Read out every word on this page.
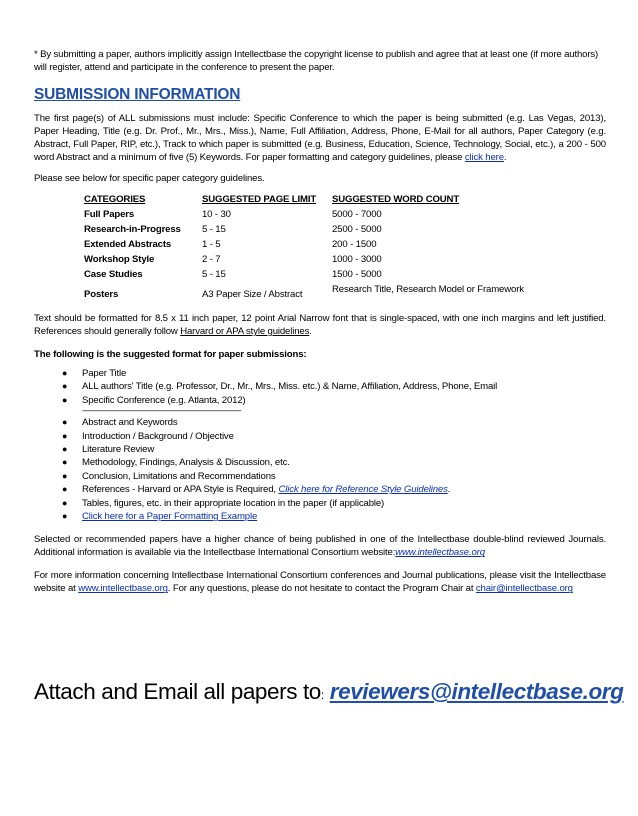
* By submitting a paper, authors implicitly assign Intellectbase the copyright license to publish and agree that at least one (if more authors) will register, attend and participate in the conference to present the paper.

SUBMISSION INFORMATION

The first page(s) of ALL submissions must include: Specific Conference to which the paper is being submitted (e.g. Las Vegas, 2013), Paper Heading, Title (e.g. Dr. Prof., Mr., Mrs., Miss.), Name, Full Affiliation, Address, Phone, E-Mail for all authors, Paper Category (e.g. Abstract, Full Paper, RIP, etc.), Track to which paper is submitted (e.g. Business, Education, Science, Technology, Social, etc.), a 200 - 500 word Abstract and a minimum of five (5) Keywords. For paper formatting and category guidelines, please click here.

Please see below for specific paper category guidelines.

CATEGORIES	SUGGESTED PAGE LIMIT	SUGGESTED WORD COUNT
Full Papers	10 - 30	5000 - 7000
Research-in-Progress	5 - 15	2500 - 5000
Extended Abstracts	1 - 5	200 - 1500
Workshop Style	2 - 7	1000 - 3000
Case Studies	5 - 15	1500 - 5000
Posters	A3 Paper Size / Abstract	Research Title, Research Model or Framework

Text should be formatted for 8.5 x 11 inch paper, 12 point Arial Narrow font that is single-spaced, with one inch margins and left justified. References should generally follow Harvard or APA style guidelines.

The following is the suggested format for paper submissions:

● Paper Title
● ALL authors' Title (e.g. Professor, Dr., Mr., Mrs., Miss. etc.) & Name, Affiliation, Address, Phone, Email
● Specific Conference (e.g. Atlanta, 2012)
--------------------------------------------------------------------------------------------------------------------------------------------
● Abstract and Keywords
● Introduction / Background / Objective
● Literature Review
● Methodology, Findings, Analysis & Discussion, etc.
● Conclusion, Limitations and Recommendations
● References - Harvard or APA Style is Required, Click here for Reference Style Guidelines.
● Tables, figures, etc. in their appropriate location in the paper (if applicable)
● Click here for a Paper Formatting Example

Selected or recommended papers have a higher chance of being published in one of the Intellectbase double-blind reviewed Journals. Additional information is available via the Intellectbase International Consortium website:www.intellectbase.org

For more information concerning Intellectbase International Consortium conferences and Journal publications, please visit the Intellectbase website at www.intellectbase.org. For any questions, please do not hesitate to contact the Program Chair at chair@intellectbase.org

Attach and Email all papers to: reviewers@intellectbase.org
